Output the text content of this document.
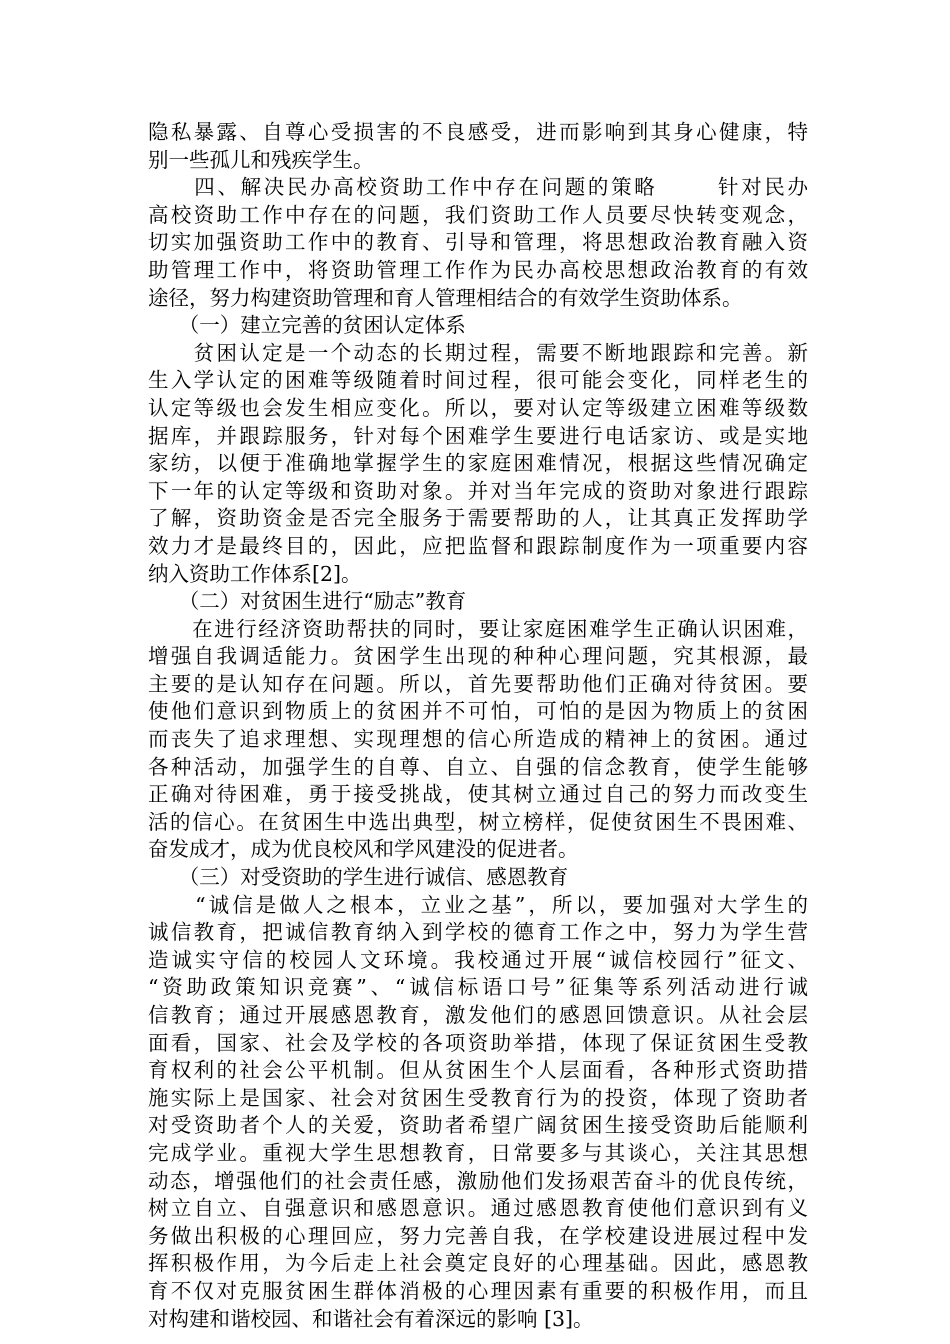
隐私暴露、自尊心受损害的不良感受，进而影响到其身心健康，特
别一些孤儿和残疾学生。
　　四、解决民办高校资助工作中存在问题的策略	针对民办
高校资助工作中存在的问题，我们资助工作人员要尽快转变观念，
切实加强资助工作中的教育、引导和管理，将思想政治教育融入资
助管理工作中，将资助管理工作作为民办高校思想政治教育的有效
途径，努力构建资助管理和育人管理相结合的有效学生资助体系。
　　（一）建立完善的贫困认定体系
　　贫困认定是一个动态的长期过程，需要不断地跟踪和完善。新
生入学认定的困难等级随着时间过程，很可能会变化，同样老生的
认定等级也会发生相应变化。所以，要对认定等级建立困难等级数
据库，并跟踪服务，针对每个困难学生要进行电话家访、或是实地
家纺，以便于准确地掌握学生的家庭困难情况，根据这些情况确定
下一年的认定等级和资助对象。并对当年完成的资助对象进行跟踪
了解，资助资金是否完全服务于需要帮助的人，让其真正发挥助学
效力才是最终目的，因此，应把监督和跟踪制度作为一项重要内容
纳入资助工作体系[2]。
　　（二）对贫困生进行“励志”教育
　　在进行经济资助帮扶的同时，要让家庭困难学生正确认识困难，
增强自我调适能力。贫困学生出现的种种心理问题，究其根源，最
主要的是认知存在问题。所以，首先要帮助他们正确对待贫困。要
使他们意识到物质上的贫困并不可怕，可怕的是因为物质上的贫困
而丧失了追求理想、实现理想的信心所造成的精神上的贫困。通过
各种活动，加强学生的自尊、自立、自强的信念教育，使学生能够
正确对待困难，勇于接受挑战，使其树立通过自己的努力而改变生
活的信心。在贫困生中选出典型，树立榜样，促使贫困生不畏困难、
奋发成才，成为优良校风和学风建没的促进者。
　　（三）对受资助的学生进行诚信、感恩教育
　　“诚信是做人之根本，立业之基”，所以，要加强对大学生的
诚信教育，把诚信教育纳入到学校的德育工作之中，努力为学生营
造诚实守信的校园人文环境。我校通过开展“诚信校园行”征文、
“资助政策知识竞赛”、“诚信标语口号”征集等系列活动进行诚
信教育；通过开展感恩教育，激发他们的感恩回馈意识。从社会层
面看，国家、社会及学校的各项资助举措，体现了保证贫困生受教
育权利的社会公平机制。但从贫困生个人层面看，各种形式资助措
施实际上是国家、社会对贫困生受教育行为的投资，体现了资助者
对受资助者个人的关爱，资助者希望广阔贫困生接受资助后能顺利
完成学业。重视大学生思想教育，日常要多与其谈心，关注其思想
动态，增强他们的社会责任感，激励他们发扬艰苦奋斗的优良传统，
树立自立、自强意识和感恩意识。通过感恩教育使他们意识到有义
务做出积极的心理回应，努力完善自我，在学校建设进展过程中发
挥积极作用，为今后走上社会奠定良好的心理基础。因此，感恩教
育不仅对克服贫困生群体消极的心理因素有重要的积极作用，而且
对构建和谐校园、和谐社会有着深远的影响 [3]。
